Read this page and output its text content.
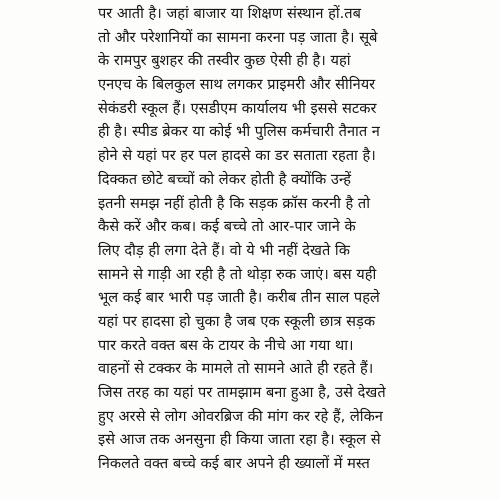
पर आती है। जहां बाजार या शिक्षण संस्थान हों.तब
तो और परेशानियों का सामना करना पड़ जाता है। सूबे
के रामपुर बुशहर की तस्वीर कुछ ऐसी ही है। यहां
एनएच के बिलकुल साथ लगकर प्राइमरी और सीनियर
सेकंडरी स्कूल हैं। एसडीएम कार्यालय भी इससे सटकर
ही है। स्पीड ब्रेकर या कोई भी पुलिस कर्मचारी तैनात न
होने से यहां पर हर पल हादसे का डर सताता रहता है।
दिक्कत छोटे बच्चों को लेकर होती है क्योंकि उन्हें
इतनी समझ नहीं होती है कि सड़क क्रॉस करनी है तो
कैसे करें और कब। कई बच्चे तो आर-पार जाने के
लिए दौड़ ही लगा देते हैं। वो ये भी नहीं देखते कि
सामने से गाड़ी आ रही है तो थोड़ा रुक जाएं। बस यही
भूल कई बार भारी पड़ जाती है। करीब तीन साल पहले
यहां पर हादसा हो चुका है जब एक स्कूली छात्र सड़क
पार करते वक्त बस के टायर के नीचे आ गया था।
वाहनों से टक्कर के मामले तो सामने आते ही रहते हैं।
जिस तरह का यहां पर तामझाम बना हुआ है, उसे देखते
हुए अरसे से लोग ओवरब्रिज की मांग कर रहे हैं, लेकिन
इसे आज तक अनसुना ही किया जाता रहा है। स्कूल से
निकलते वक्त बच्चे कई बार अपने ही ख्यालों में मस्त
